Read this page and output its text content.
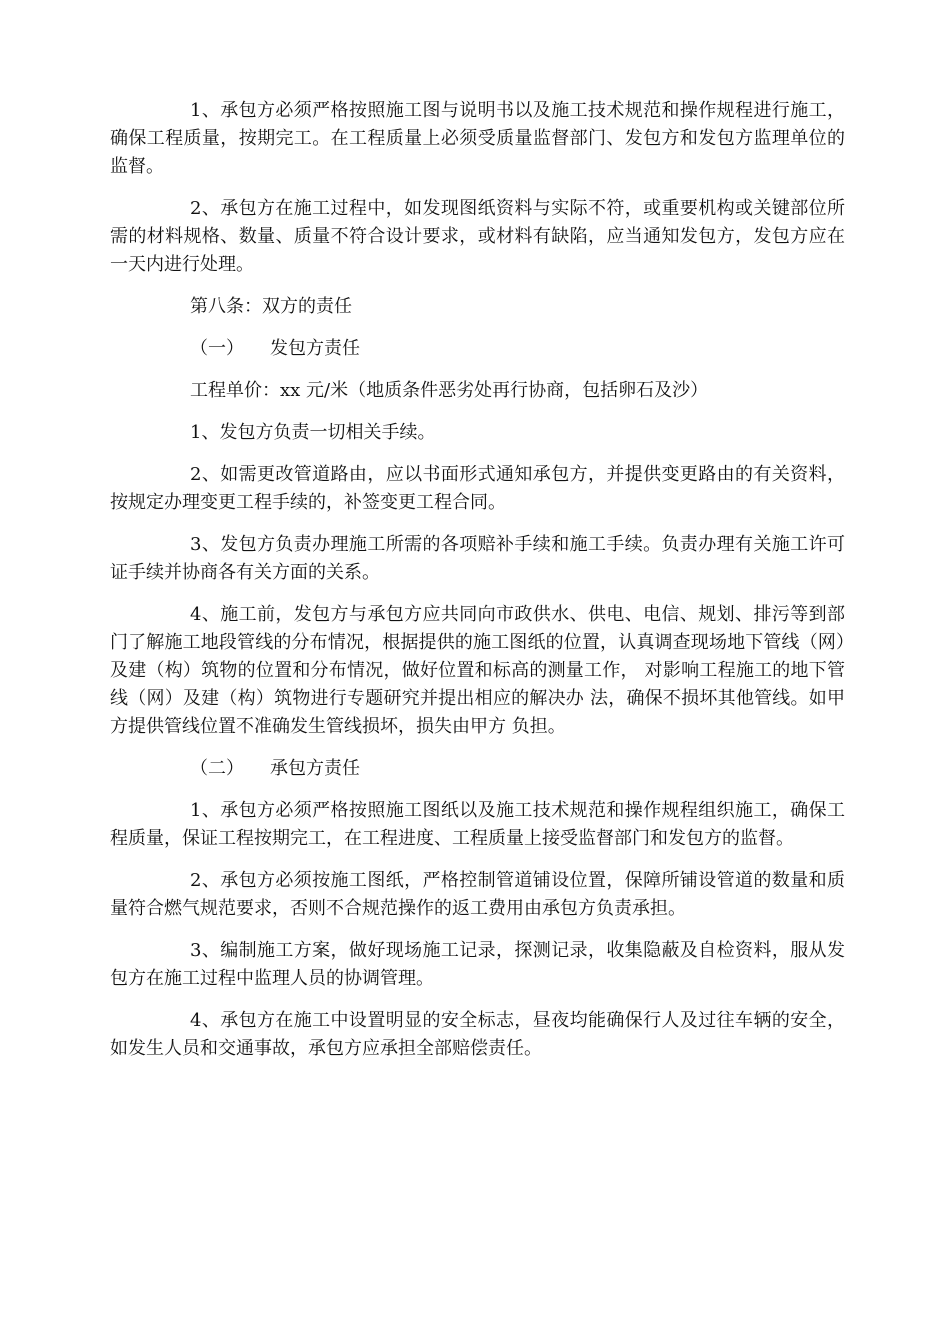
1、承包方必须严格按照施工图与说明书以及施工技术规范和操作规程进行施工，确保工程质量，按期完工。在工程质量上必须受质量监督部门、发包方和发包方监理单位的监督。

2、承包方在施工过程中，如发现图纸资料与实际不符，或重要机构或关键部位所需的材料规格、数量、质量不符合设计要求，或材料有缺陷，应当通知发包方，发包方应在一天内进行处理。

第八条：双方的责任

（一） 发包方责任

工程单价：xx 元/米（地质条件恶劣处再行协商，包括卵石及沙）

1、发包方负责一切相关手续。

2、如需更改管道路由，应以书面形式通知承包方，并提供变更路由的有关资料，按规定办理变更工程手续的，补签变更工程合同。

3、发包方负责办理施工所需的各项赔补手续和施工手续。负责办理有关施工许可证手续并协商各有关方面的关系。

4、施工前，发包方与承包方应共同向市政供水、供电、电信、规划、排污等到部门了解施工地段管线的分布情况，根据提供的施工图纸的位置，认真调查现场地下管线（网）及建（构）筑物的位置和分布情况，做好位置和标高的测量工作， 对影响工程施工的地下管线（网）及建（构）筑物进行专题研究并提出相应的解决办 法，确保不损坏其他管线。如甲方提供管线位置不准确发生管线损坏，损失由甲方 负担。

（二） 承包方责任

1、承包方必须严格按照施工图纸以及施工技术规范和操作规程组织施工，确保工程质量，保证工程按期完工，在工程进度、工程质量上接受监督部门和发包方的监督。

2、承包方必须按施工图纸，严格控制管道铺设位置，保障所铺设管道的数量和质量符合燃气规范要求，否则不合规范操作的返工费用由承包方负责承担。

3、编制施工方案，做好现场施工记录，探测记录，收集隐蔽及自检资料，服从发包方在施工过程中监理人员的协调管理。

4、承包方在施工中设置明显的安全标志，昼夜均能确保行人及过往车辆的安全，如发生人员和交通事故，承包方应承担全部赔偿责任。
